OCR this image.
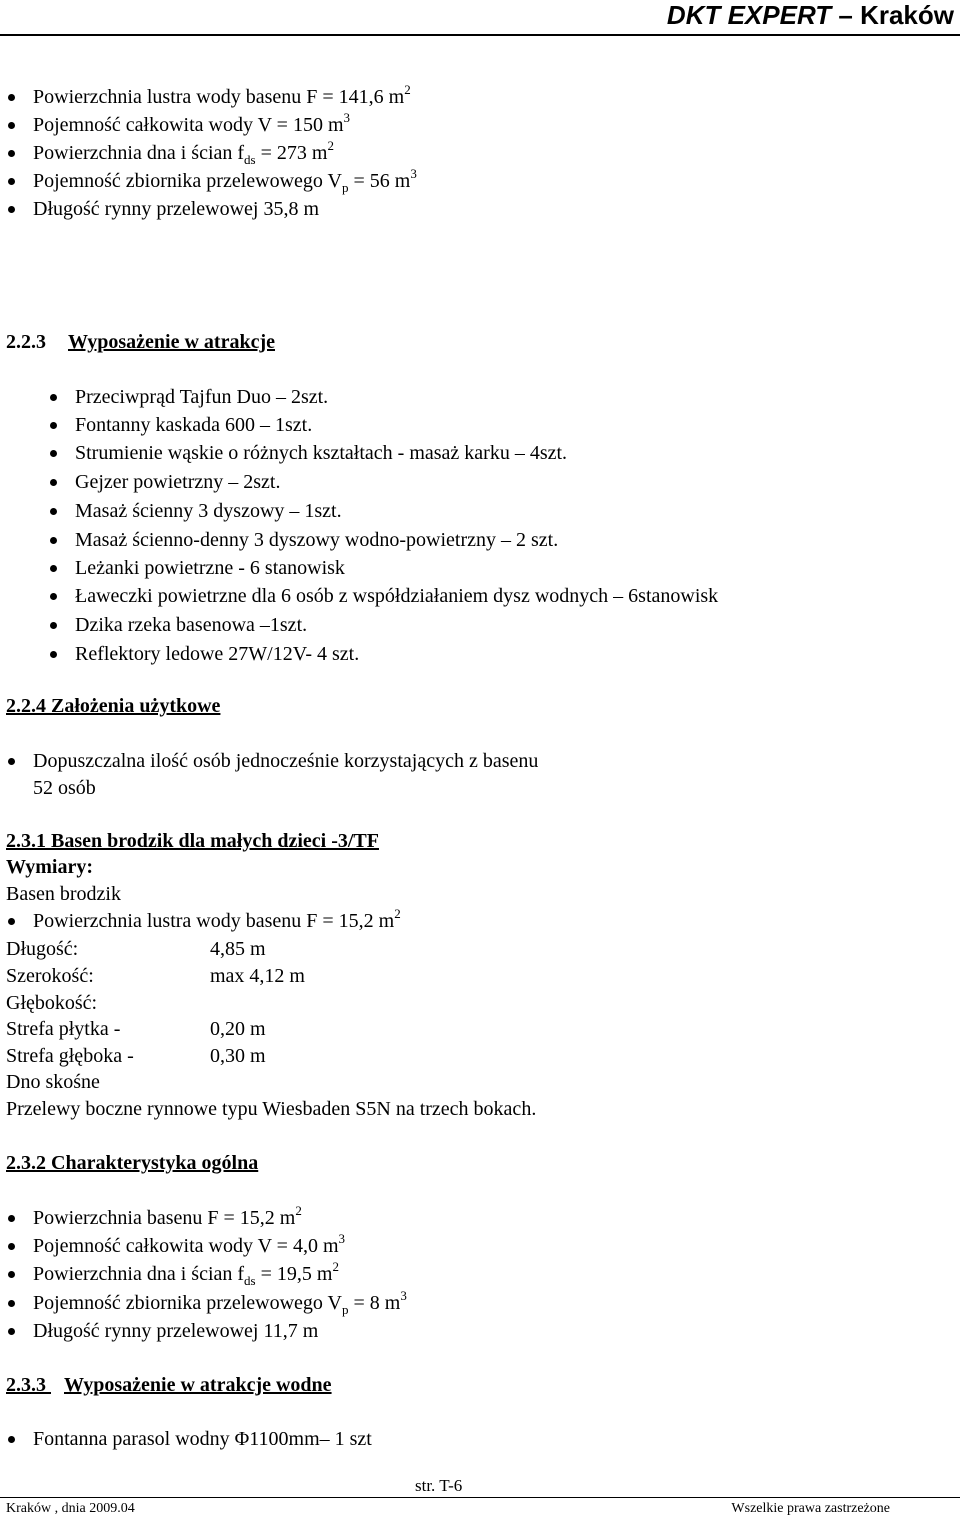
DKT EXPERT – Kraków
Powierzchnia lustra wody basenu F = 141,6 $m^2$
Pojemność całkowita wody V = 150 $m^3$
Powierzchnia dna i ścian $f_{ds} = 273$ $m^2$
Pojemność zbiornika przelewowego $V_p = 56$ $m^3$
Długość rynny przelewowej 35,8 m
2.2.3 Wyposażenie w atrakcje
Przeciwprąd Tajfun Duo – 2szt.
Fontanny kaskada 600 – 1szt.
Strumienie wąskie o różnych kształtach - masaż karku – 4szt.
Gejzer powietrzny – 2szt.
Masaż ścienny 3 dyszowy – 1szt.
Masaż ścienno-denny 3 dyszowy wodno-powietrzny – 2 szt.
Leżanki powietrzne - 6 stanowisk
Ławeczki powietrzne dla 6 osób z współdziałaniem dysz wodnych – 6stanowisk
Dzika rzeka basenowa –1szt.
Reflektory ledowe 27W/12V- 4 szt.
2.2.4 Założenia użytkowe
Dopuszczalna ilość osób jednocześnie korzystających z basenu
52 osób
2.3.1 Basen brodzik dla małych dzieci -3/TF
Wymiary:
Basen brodzik
Powierzchnia lustra wody basenu F = 15,2 $m^2$
Długość:	4,85 m
Szerokość:	max 4,12 m
Głębokość:
Strefa płytka -	0,20 m
Strefa głęboka -	0,30 m
Dno skośne
Przelewy boczne rynnowe typu Wiesbaden S5N na trzech bokach.
2.3.2 Charakterystyka ogólna
Powierzchnia basenu F = 15,2 $m^2$
Pojemność całkowita wody V = 4,0 $m^3$
Powierzchnia dna i ścian $f_{ds} = 19,5$ $m^2$
Pojemność zbiornika przelewowego $V_p = 8$ $m^3$
Długość rynny przelewowej 11,7 m
2.3.3 Wyposażenie w atrakcje wodne
Fontanna parasol wodny Φ1100mm– 1 szt
str. T-6
Kraków , dnia 2009.04	Wszelkie prawa zastrzeżone
